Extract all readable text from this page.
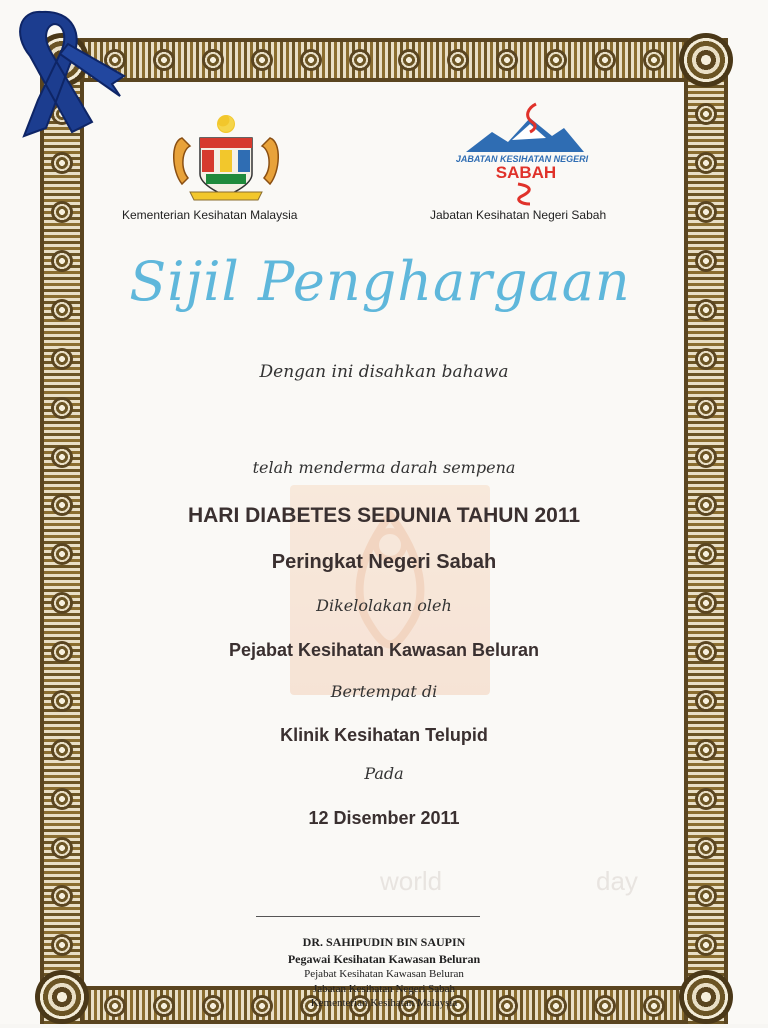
JABATAN KESIHATAN NEGERI
SABAH
Kementerian Kesihatan Malaysia	Jabatan Kesihatan Negeri Sabah
Sijil Penghargaan
world	day
Dengan ini disahkan bahawa
telah menderma darah sempena
HARI DIABETES SEDUNIA TAHUN 2011
Peringkat Negeri Sabah
Dikelolakan oleh
Pejabat Kesihatan Kawasan Beluran
Bertempat di
Klinik Kesihatan Telupid
Pada
12 Disember 2011
DR. SAHIPUDIN BIN SAUPIN
Pegawai Kesihatan Kawasan Beluran
Pejabat Kesihatan Kawasan Beluran
Jabatan Kesihatan Negeri Sabah
Kementerian Kesihatan Malaysia
